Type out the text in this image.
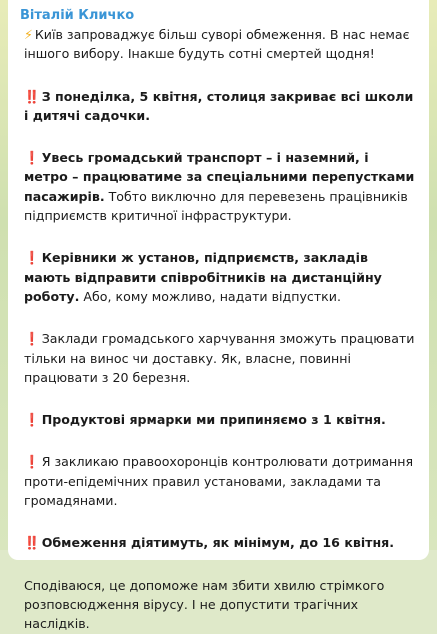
Віталій Кличко

⚡ Київ запроваджує більш суворі обмеження. В нас немає іншого вибору. Інакше будуть сотні смертей щодня!

‼️ З понеділка, 5 квітня, столиця закриває всі школи і дитячі садочки.

❗ Увесь громадський транспорт – і наземний, і метро – працюватиме за спеціальними перепустками пасажирів. Тобто виключно для перевезень працівників підприємств критичної інфраструктури.

❗ Керівники ж установ, підприємств, закладів мають відправити співробітників на дистанційну роботу. Або, кому можливо, надати відпустки.

❗ Заклади громадського харчування зможуть працювати тільки на винос чи доставку. Як, власне, повинні працювати з 20 березня.

❗ Продуктові ярмарки ми припиняємо з 1 квітня.

❗ Я закликаю правоохоронців контролювати дотримання проти-епідемічних правил установами, закладами та громадянами.

‼️ Обмеження діятимуть, як мінімум, до 16 квітня.

Сподіваюся, це допоможе нам збити хвилю стрімкого розповсюдження вірусу. І не допустити трагічних наслідків.
